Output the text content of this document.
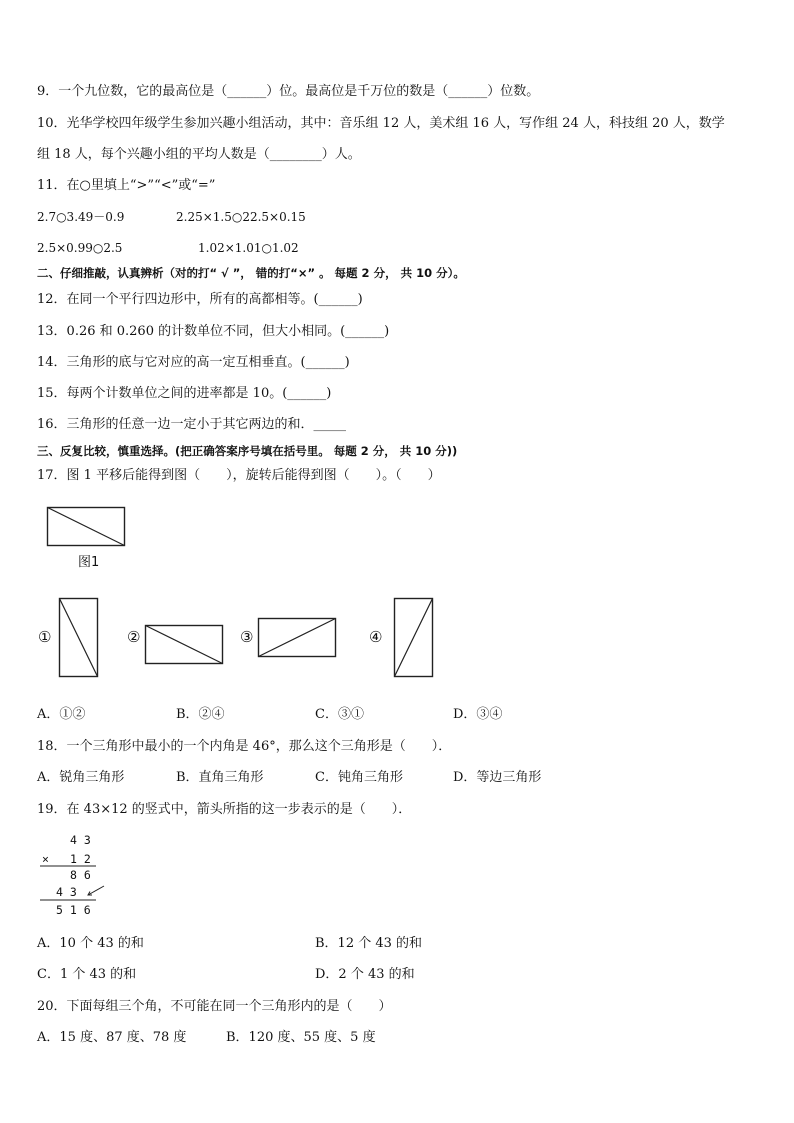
9．一个九位数，它的最高位是（______）位。最高位是千万位的数是（______）位数。
10．光华学校四年级学生参加兴趣小组活动，其中：音乐组 12 人，美术组 16 人，写作组 24 人，科技组 20 人，数学
组 18 人，每个兴趣小组的平均人数是（________）人。
11．在○里填上“>”“<”或“=”
2.7○3.49－0.9	2.25×1.5○22.5×0.15
2.5×0.99○2.5	1.02×1.01○1.02
二、仔细推敲，认真辨析（对的打“ √ ”， 错的打“×” 。 每题 2 分， 共 10 分）。
12．在同一个平行四边形中，所有的高都相等。(______)
13．0.26 和 0.260 的计数单位不同，但大小相同。(______)
14．三角形的底与它对应的高一定互相垂直。(______)
15．每两个计数单位之间的进率都是 10。(______)
16．三角形的任意一边一定小于其它两边的和．_____
三、反复比较，慎重选择。(把正确答案序号填在括号里。 每题 2 分， 共 10 分))
17．图 1 平移后能得到图（　　），旋转后能得到图（　　）。（　　）
图1
①	②	③	④
A．①②	B．②④	C．③①	D．③④
18．一个三角形中最小的一个内角是 46°，那么这个三角形是（　　）．
A．锐角三角形	B．直角三角形	C．钝角三角形	D．等边三角形
19．在 43×12 的竖式中，箭头所指的这一步表示的是（　　）．
4 3
× 1 2
8 6
4 3
5 1 6
A．10 个 43 的和	B．12 个 43 的和
C．1 个 43 的和	D．2 个 43 的和
20．下面每组三个角，不可能在同一个三角形内的是（　　）
A．15 度、87 度、78 度	B．120 度、55 度、5 度
